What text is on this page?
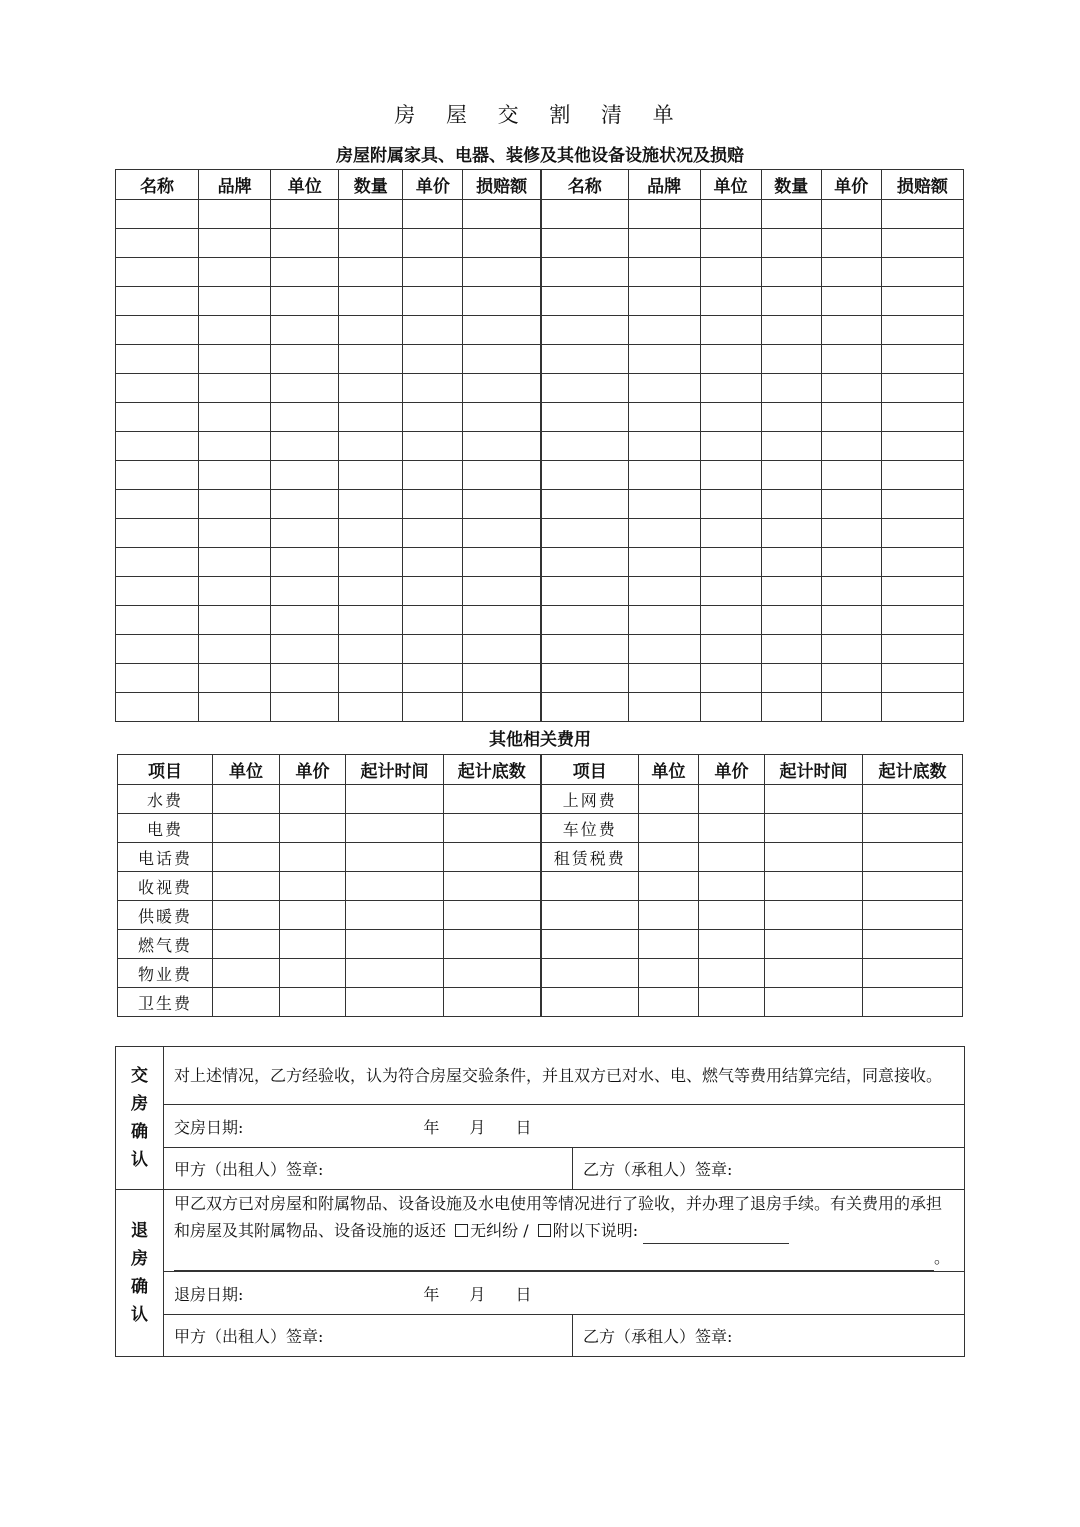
房 屋 交 割 清 单
房屋附属家具、电器、装修及其他设备设施状况及损赔
名称	品牌	单位	数量	单价	损赔额	名称	品牌	单位	数量	单价	损赔额

其他相关费用
项目	单位	单价	起计时间	起计底数	项目	单位	单价	起计时间	起计底数
水费					上网费				
电费					车位费				
电话费					租赁税费				
收视费									
供暖费									
燃气费									
物业费									
卫生费									
交
房
确
认	对上述情况，乙方经验收，认为符合房屋交验条件，并且双方已对水、电、燃气等费用结算完结，同意接收。	
	交房日期: 年 月 日	
	甲方（出租人）签章:	乙方（承租人）签章:

退
房
确
认	甲乙双方已对房屋和附属物品、设备设施及水电使用等情况进行了验收，并办理了退房手续。有关费用的承担和房屋及其附属物品、设备设施的返还 无纠纷 / 附以下说明:
。	
	退房日期: 年 月 日	
	甲方（出租人）签章:	乙方（承租人）签章:
